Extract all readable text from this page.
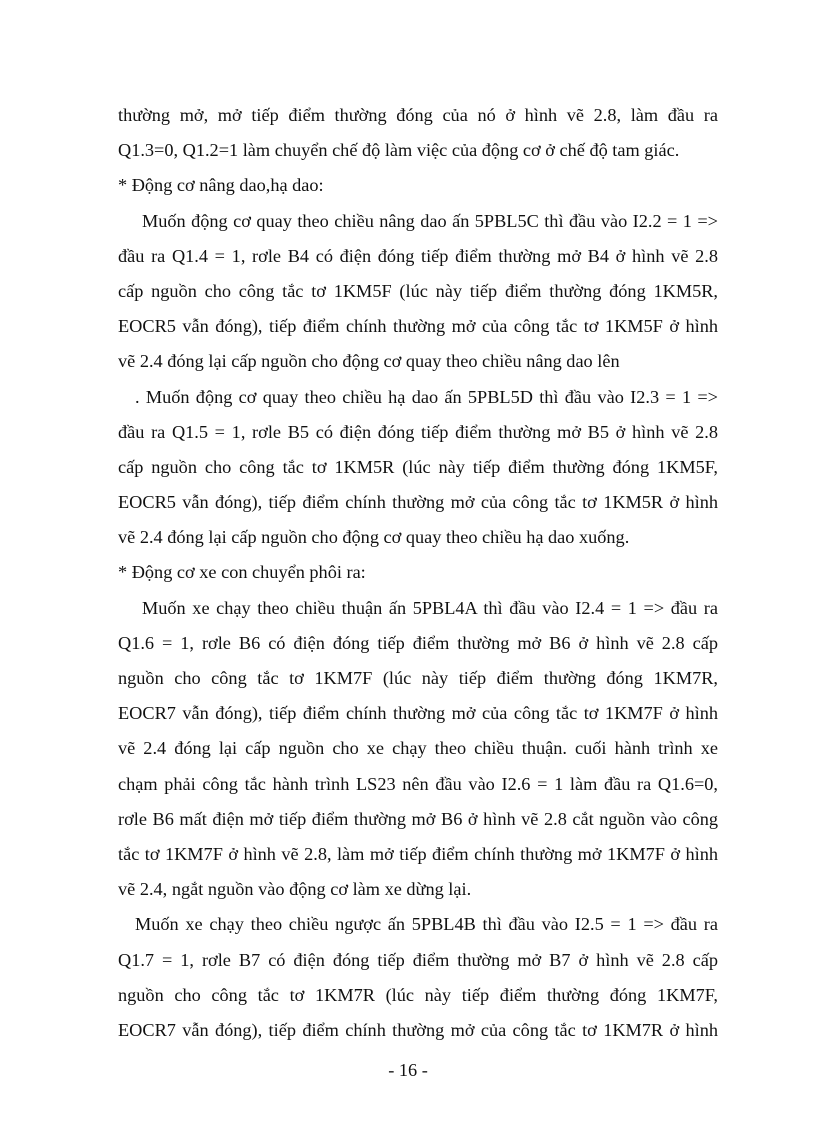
thường mở, mở tiếp điểm thường đóng của nó ở hình vẽ 2.8, làm đầu ra
Q1.3=0, Q1.2=1 làm chuyển chế độ làm việc của động cơ ở chế độ tam giác.
* Động cơ nâng dao,hạ dao:
Muốn động cơ quay theo chiều nâng dao ấn 5PBL5C thì đầu vào I2.2 = 1 =>
đầu ra Q1.4 = 1, rơle B4 có điện đóng tiếp điểm thường mở B4 ở hình vẽ 2.8
cấp nguồn cho công tắc tơ 1KM5F (lúc này tiếp điểm thường đóng 1KM5R,
EOCR5 vẫn đóng), tiếp điểm chính thường mở của công tắc tơ 1KM5F ở hình
vẽ 2.4 đóng lại cấp nguồn cho động cơ quay theo chiều nâng dao lên
. Muốn động cơ quay theo chiều hạ dao ấn 5PBL5D thì đầu vào I2.3 = 1 =>
đầu ra Q1.5 = 1, rơle B5 có điện đóng tiếp điểm thường mở B5 ở hình vẽ 2.8
cấp nguồn cho công tắc tơ 1KM5R (lúc này tiếp điểm thường đóng 1KM5F,
EOCR5 vẫn đóng), tiếp điểm chính thường mở của công tắc tơ 1KM5R ở hình
vẽ 2.4 đóng lại cấp nguồn cho động cơ quay theo chiều hạ dao xuống.
* Động cơ xe con chuyển phôi ra:
Muốn xe chạy theo chiều thuận ấn 5PBL4A thì đầu vào I2.4 = 1 => đầu ra
Q1.6 = 1, rơle B6 có điện đóng tiếp điểm thường mở B6 ở hình vẽ 2.8 cấp
nguồn cho công tắc tơ 1KM7F (lúc này tiếp điểm thường đóng 1KM7R,
EOCR7 vẫn đóng), tiếp điểm chính thường mở của công tắc tơ 1KM7F ở hình
vẽ 2.4 đóng lại cấp nguồn cho xe chạy theo chiều thuận. cuối hành trình xe
chạm phải công tắc hành trình LS23 nên đầu vào I2.6 = 1 làm đầu ra Q1.6=0,
rơle B6 mất điện mở tiếp điểm thường mở B6 ở hình vẽ 2.8 cắt nguồn vào công
tắc tơ 1KM7F ở hình vẽ 2.8, làm mở tiếp điểm chính thường mở 1KM7F ở hình
vẽ 2.4, ngắt nguồn vào động cơ làm xe dừng lại.
Muốn xe chạy theo chiều ngược ấn 5PBL4B thì đầu vào I2.5 = 1 => đầu ra
Q1.7 = 1, rơle B7 có điện đóng tiếp điểm thường mở B7 ở hình vẽ 2.8 cấp
nguồn cho công tắc tơ 1KM7R (lúc này tiếp điểm thường đóng 1KM7F,
EOCR7 vẫn đóng), tiếp điểm chính thường mở của công tắc tơ 1KM7R ở hình
- 16 -
